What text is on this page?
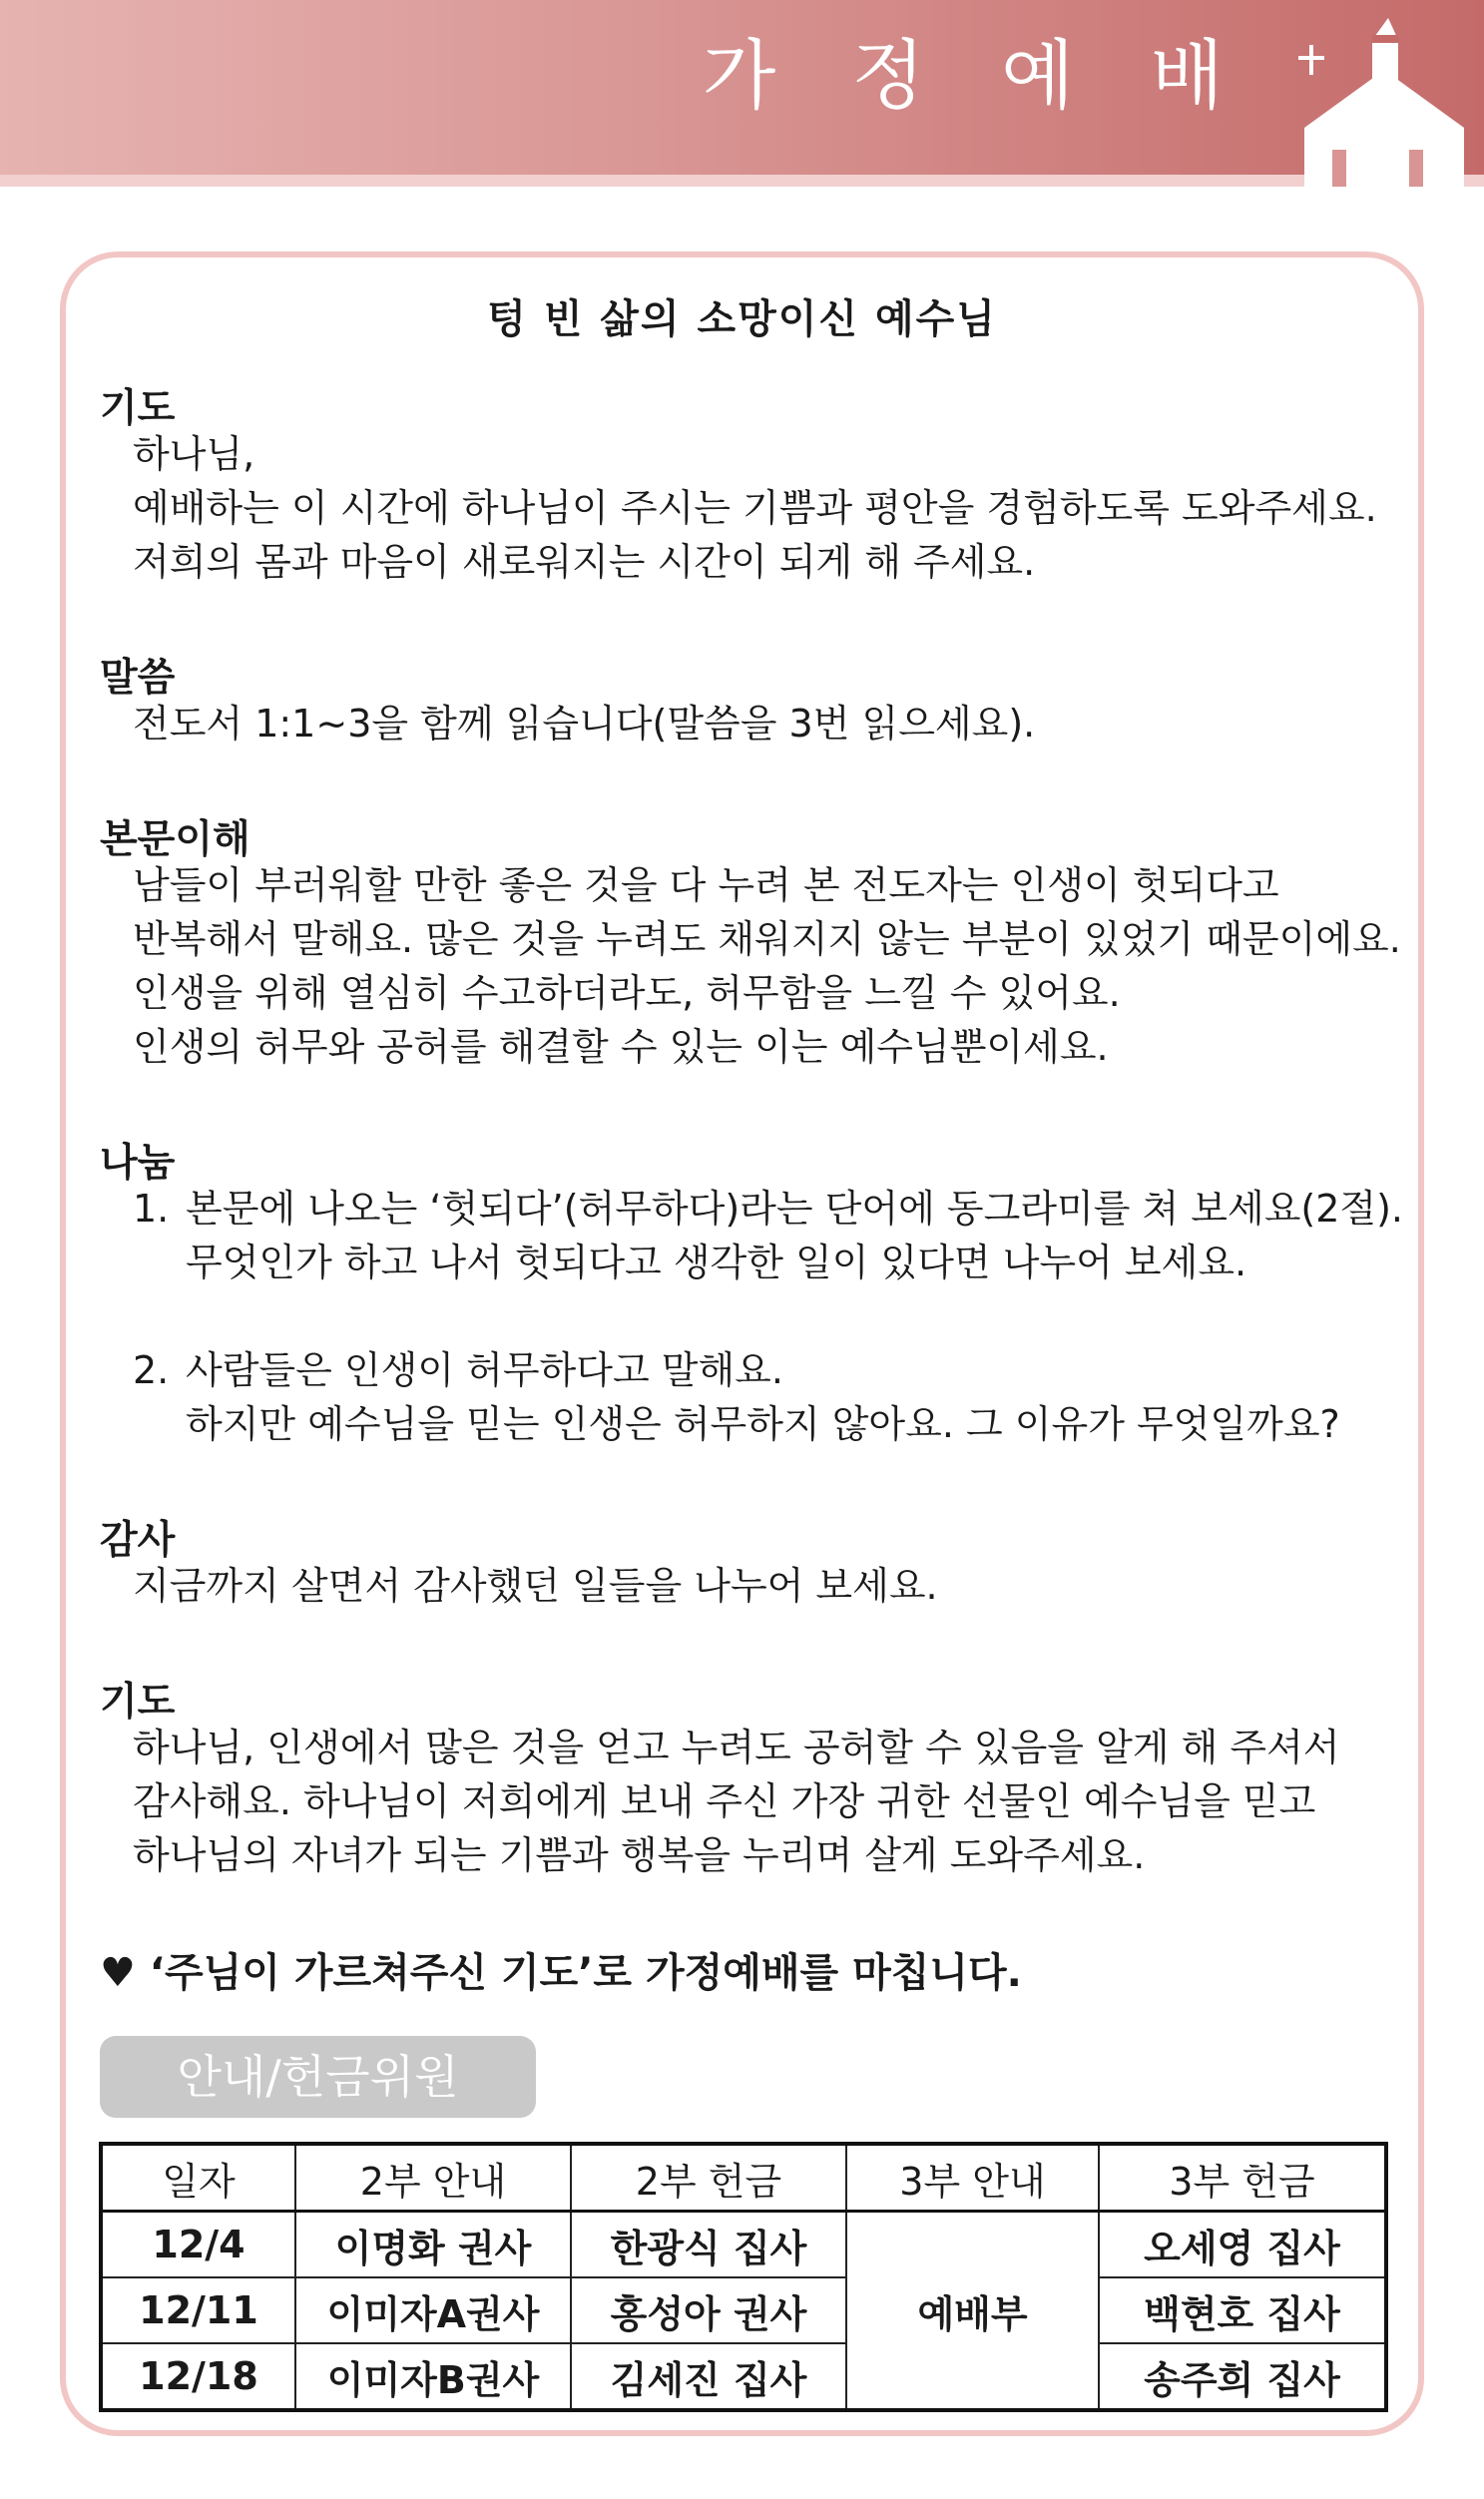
가 정 예 배
텅 빈 삶의 소망이신 예수님
기도
하나님,
예배하는 이 시간에 하나님이 주시는 기쁨과 평안을 경험하도록 도와주세요.
저희의 몸과 마음이 새로워지는 시간이 되게 해 주세요.
말씀
전도서 1:1~3을 함께 읽습니다(말씀을 3번 읽으세요).
본문이해
남들이 부러워할 만한 좋은 것을 다 누려 본 전도자는 인생이 헛되다고
반복해서 말해요. 많은 것을 누려도 채워지지 않는 부분이 있었기 때문이에요.
인생을 위해 열심히 수고하더라도, 허무함을 느낄 수 있어요.
인생의 허무와 공허를 해결할 수 있는 이는 예수님뿐이세요.
나눔
1. 본문에 나오는 ‘헛되다’(허무하다)라는 단어에 동그라미를 쳐 보세요(2절).
무엇인가 하고 나서 헛되다고 생각한 일이 있다면 나누어 보세요.
2. 사람들은 인생이 허무하다고 말해요.
하지만 예수님을 믿는 인생은 허무하지 않아요. 그 이유가 무엇일까요?
감사
지금까지 살면서 감사했던 일들을 나누어 보세요.
기도
하나님, 인생에서 많은 것을 얻고 누려도 공허할 수 있음을 알게 해 주셔서
감사해요. 하나님이 저희에게 보내 주신 가장 귀한 선물인 예수님을 믿고
하나님의 자녀가 되는 기쁨과 행복을 누리며 살게 도와주세요.
♥ ‘주님이 가르쳐주신 기도’로 가정예배를 마칩니다.
안내/헌금위원
일자	2부 안내	2부 헌금	3부 안내	3부 헌금
12/4	이명화 권사	한광식 집사	예배부	오세영 집사
12/11	이미자A권사	홍성아 권사		백현호 집사
12/18	이미자B권사	김세진 집사		송주희 집사
